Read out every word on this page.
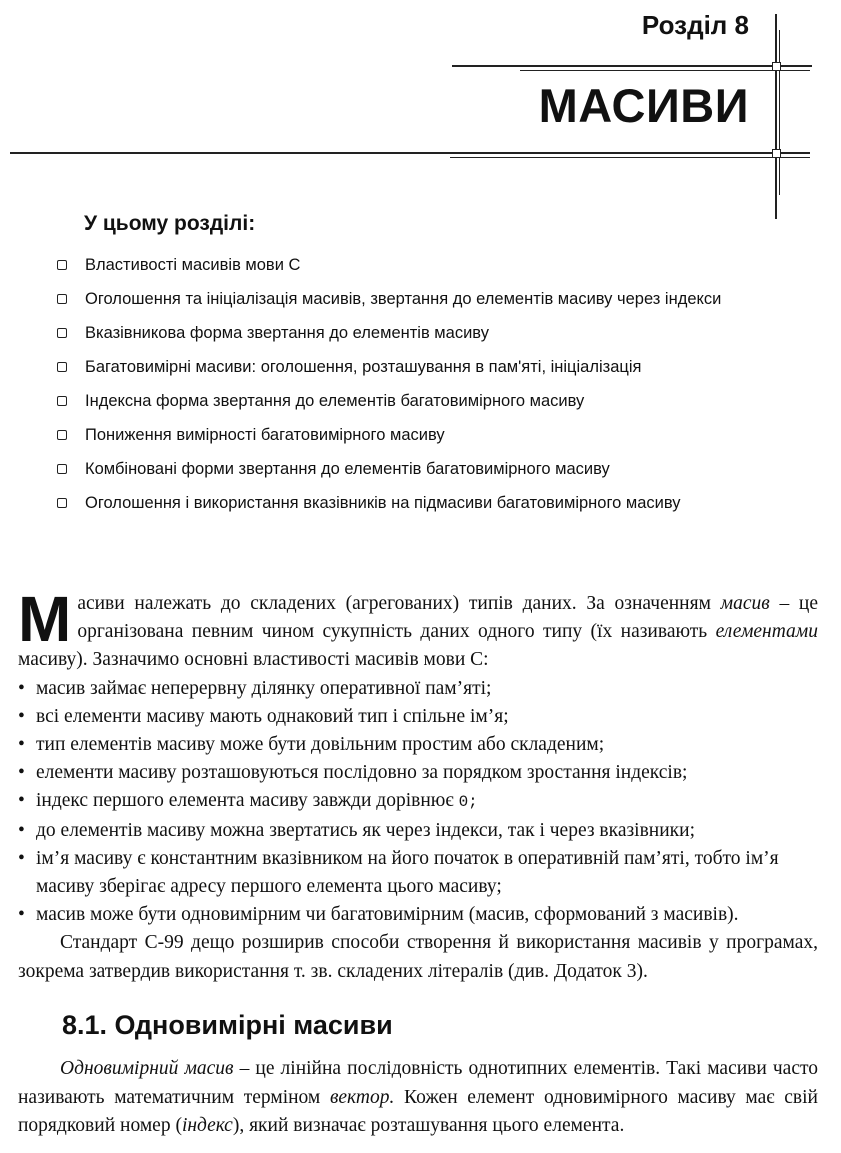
Розділ 8
МАСИВИ
У цьому розділі:
Властивості масивів мови С
Оголошення та ініціалізація масивів, звертання до елементів масиву через індекси
Вказівникова форма звертання до елементів масиву
Багатовимірні масиви: оголошення, розташування в пам'яті, ініціалізація
Індексна форма звертання до елементів багатовимірного масиву
Пониження вимірності багатовимірного масиву
Комбіновані форми звертання до елементів багатовимірного масиву
Оголошення і використання вказівників на підмасиви багатовимірного масиву

Масиви належать до складених (агрегованих) типів даних. За означенням масив – це організована певним чином сукупність даних одного типу (їх називають елементами масиву). Зазначимо основні властивості масивів мови С:

• масив займає неперервну ділянку оперативної пам’яті;
• всі елементи масиву мають однаковий тип і спільне ім’я;
• тип елементів масиву може бути довільним простим або складеним;
• елементи масиву розташовуються послідовно за порядком зростання індексів;
• індекс першого елемента масиву завжди дорівнює 0;
• до елементів масиву можна звертатись як через індекси, так і через вказівники;
• ім’я масиву є константним вказівником на його початок в оперативній пам’яті, тобто ім’я масиву зберігає адресу першого елемента цього масиву;
• масив може бути одновимірним чи багатовимірним (масив, сформований з масивів).

Стандарт С-99 дещо розширив способи створення й використання масивів у програмах, зокрема затвердив використання т. зв. складених літералів (див. Додаток 3).

8.1. Одновимірні масиви

Одновимірний масив – це лінійна послідовність однотипних елементів. Такі масиви часто називають математичним терміном вектор. Кожен елемент одновимірного масиву має свій порядковий номер (індекс), який визначає розташування цього елемента.
